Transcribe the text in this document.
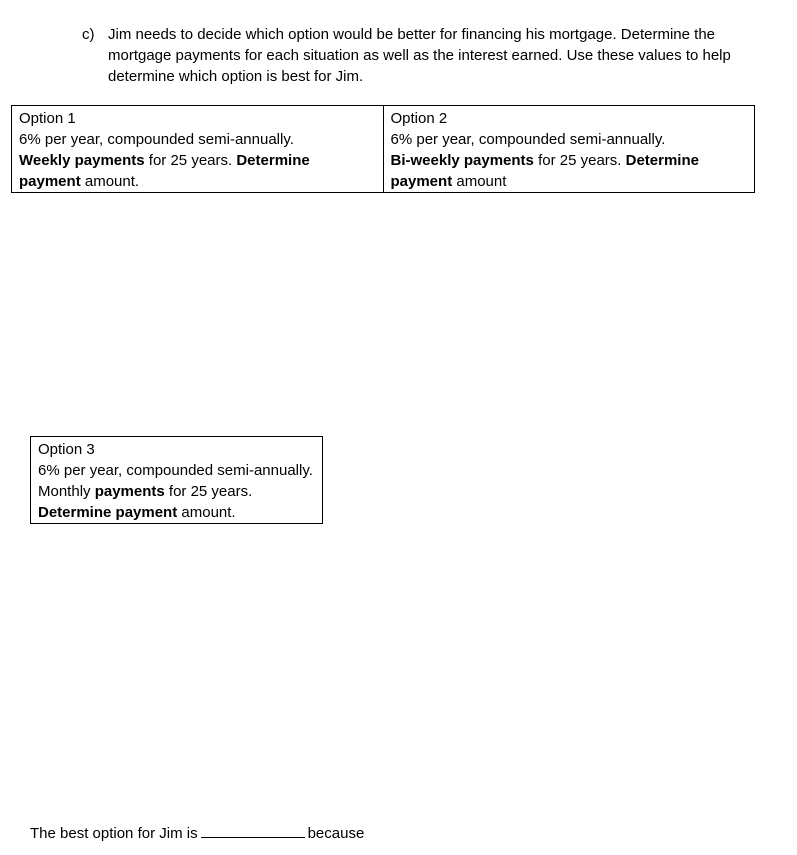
c) Jim needs to decide which option would be better for financing his mortgage. Determine the mortgage payments for each situation as well as the interest earned. Use these values to help determine which option is best for Jim.
Option 1
6% per year, compounded semi-annually.
Weekly payments for 25 years. Determine
payment amount.

Option 2
6% per year, compounded semi-annually.
Bi-weekly payments for 25 years. Determine
payment amount
Option 3
6% per year, compounded semi-annually. Monthly payments for 25 years. Determine payment amount.
The best option for Jim is	because
